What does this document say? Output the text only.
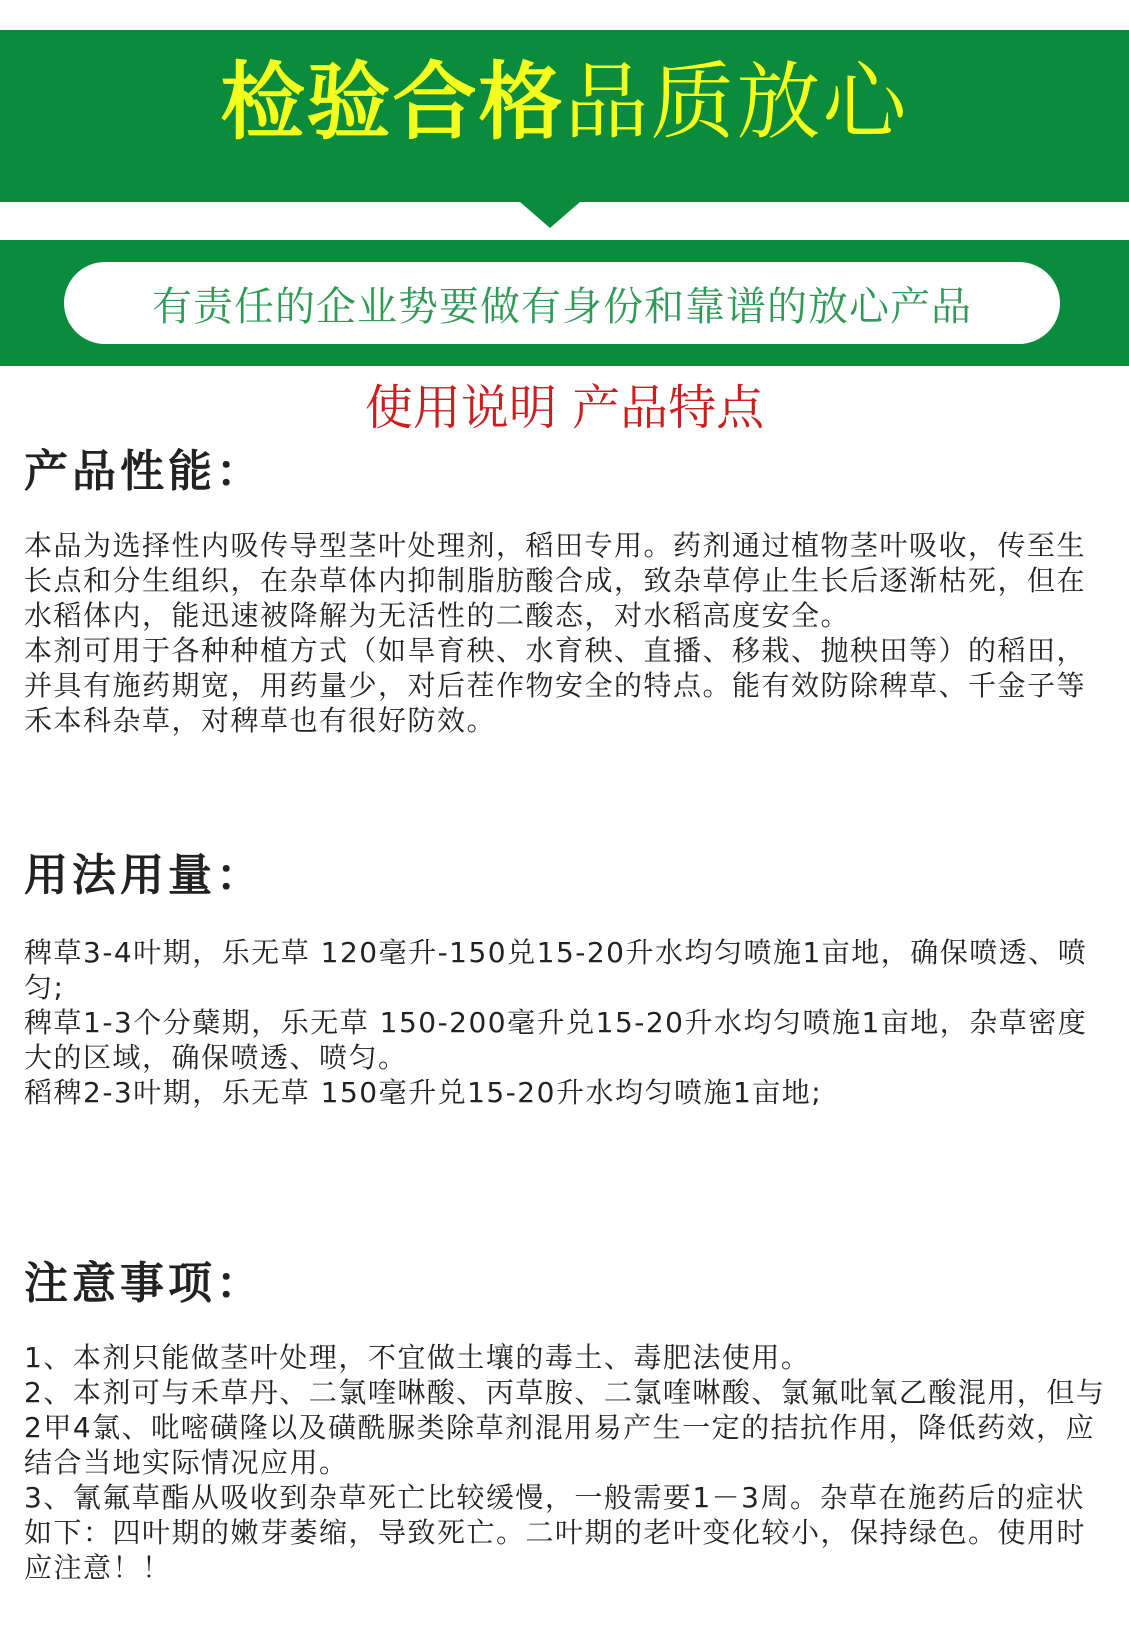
检验合格品质放心
有责任的企业势要做有身份和靠谱的放心产品
使用说明 产品特点
产品性能：

本品为选择性内吸传导型茎叶处理剂，稻田专用。药剂通过植物茎叶吸收，传至生长点和分生组织，在杂草体内抑制脂肪酸合成，致杂草停止生长后逐渐枯死，但在水稻体内，能迅速被降解为无活性的二酸态，对水稻高度安全。

本剂可用于各种种植方式（如旱育秧、水育秧、直播、移栽、抛秧田等）的稻田，并具有施药期宽，用药量少，对后茬作物安全的特点。能有效防除稗草、千金子等禾本科杂草，对稗草也有很好防效。

用法用量：

稗草3-4叶期，乐无草 120毫升-150兑15-20升水均匀喷施1亩地，确保喷透、喷匀;

稗草1-3个分蘖期，乐无草 150-200毫升兑15-20升水均匀喷施1亩地，杂草密度大的区域，确保喷透、喷匀。

稻稗2-3叶期，乐无草 150毫升兑15-20升水均匀喷施1亩地;

注意事项：

1、本剂只能做茎叶处理，不宜做土壤的毒土、毒肥法使用。

2、本剂可与禾草丹、二氯喹啉酸、丙草胺、二氯喹啉酸、氯氟吡氧乙酸混用，但与2甲4氯、吡嘧磺隆以及磺酰脲类除草剂混用易产生一定的拮抗作用，降低药效，应结合当地实际情况应用。

3、氰氟草酯从吸收到杂草死亡比较缓慢，一般需要1－3周。杂草在施药后的症状如下：四叶期的嫩芽萎缩，导致死亡。二叶期的老叶变化较小，保持绿色。使用时应注意！！
